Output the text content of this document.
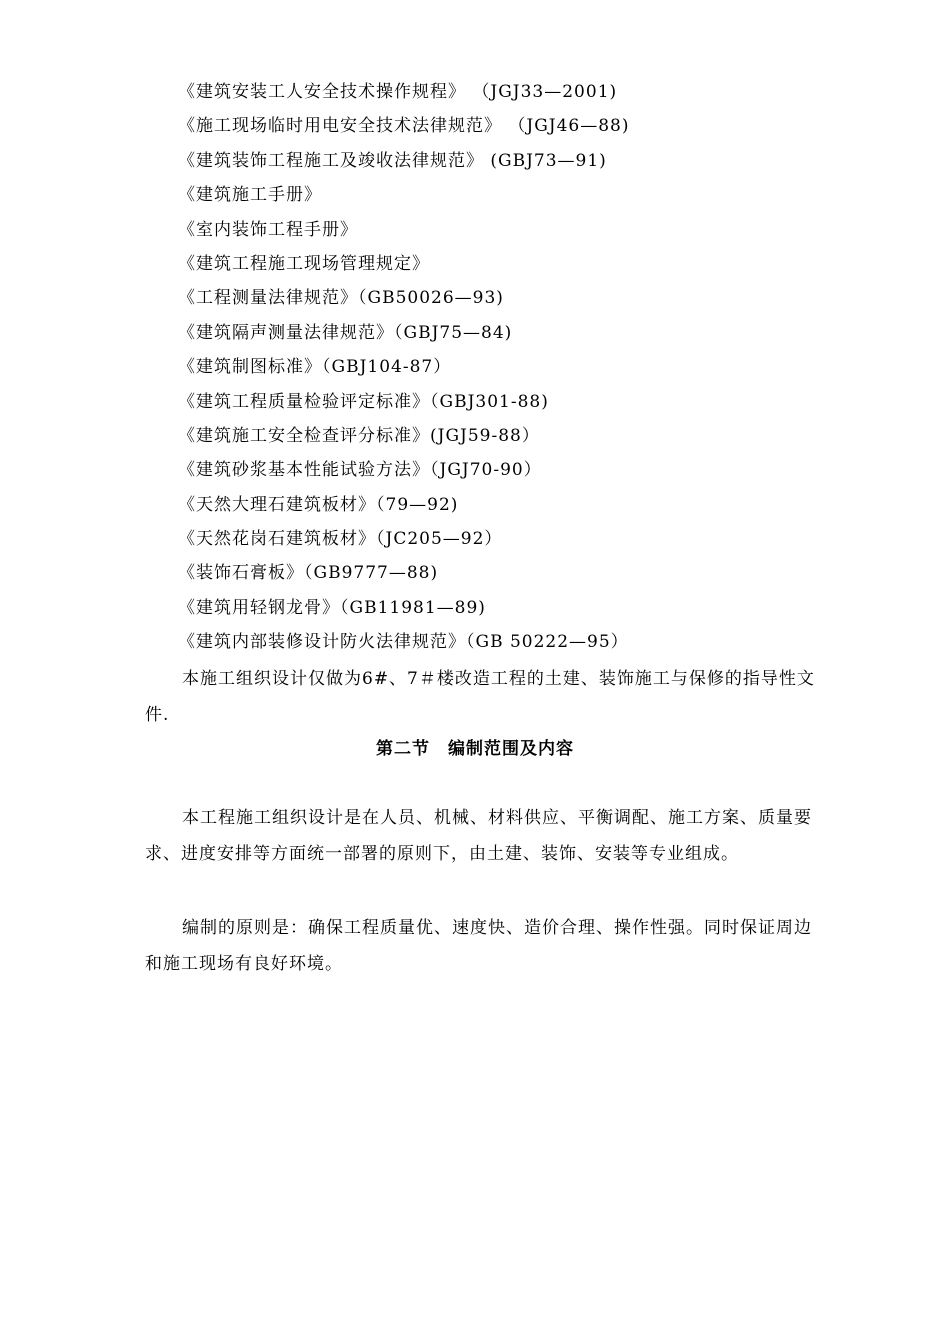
《建筑安装工人安全技术操作规程》 （JGJ33—2001)
《施工现场临时用电安全技术法律规范》 （JGJ46—88)
《建筑装饰工程施工及竣收法律规范》 (GBJ73—91)
《建筑施工手册》
《室内装饰工程手册》
《建筑工程施工现场管理规定》
《工程测量法律规范》（GB50026—93)
《建筑隔声测量法律规范》（GBJ75—84)
《建筑制图标准》（GBJ104-87）
《建筑工程质量检验评定标准》（GBJ301-88)
《建筑施工安全检查评分标准》(JGJ59-88）
《建筑砂浆基本性能试验方法》（JGJ70-90）
《天然大理石建筑板材》（79—92)
《天然花岗石建筑板材》（JC205—92）
《装饰石膏板》（GB9777—88)
《建筑用轻钢龙骨》（GB11981—89)
《建筑内部装修设计防火法律规范》（GB 50222—95）

本施工组织设计仅做为6#、7＃楼改造工程的土建、装饰施工与保修的指导性文件.

第二节　编制范围及内容

本工程施工组织设计是在人员、机械、材料供应、平衡调配、施工方案、质量要求、进度安排等方面统一部署的原则下，由土建、装饰、安装等专业组成。

编制的原则是：确保工程质量优、速度快、造价合理、操作性强。同时保证周边和施工现场有良好环境。
